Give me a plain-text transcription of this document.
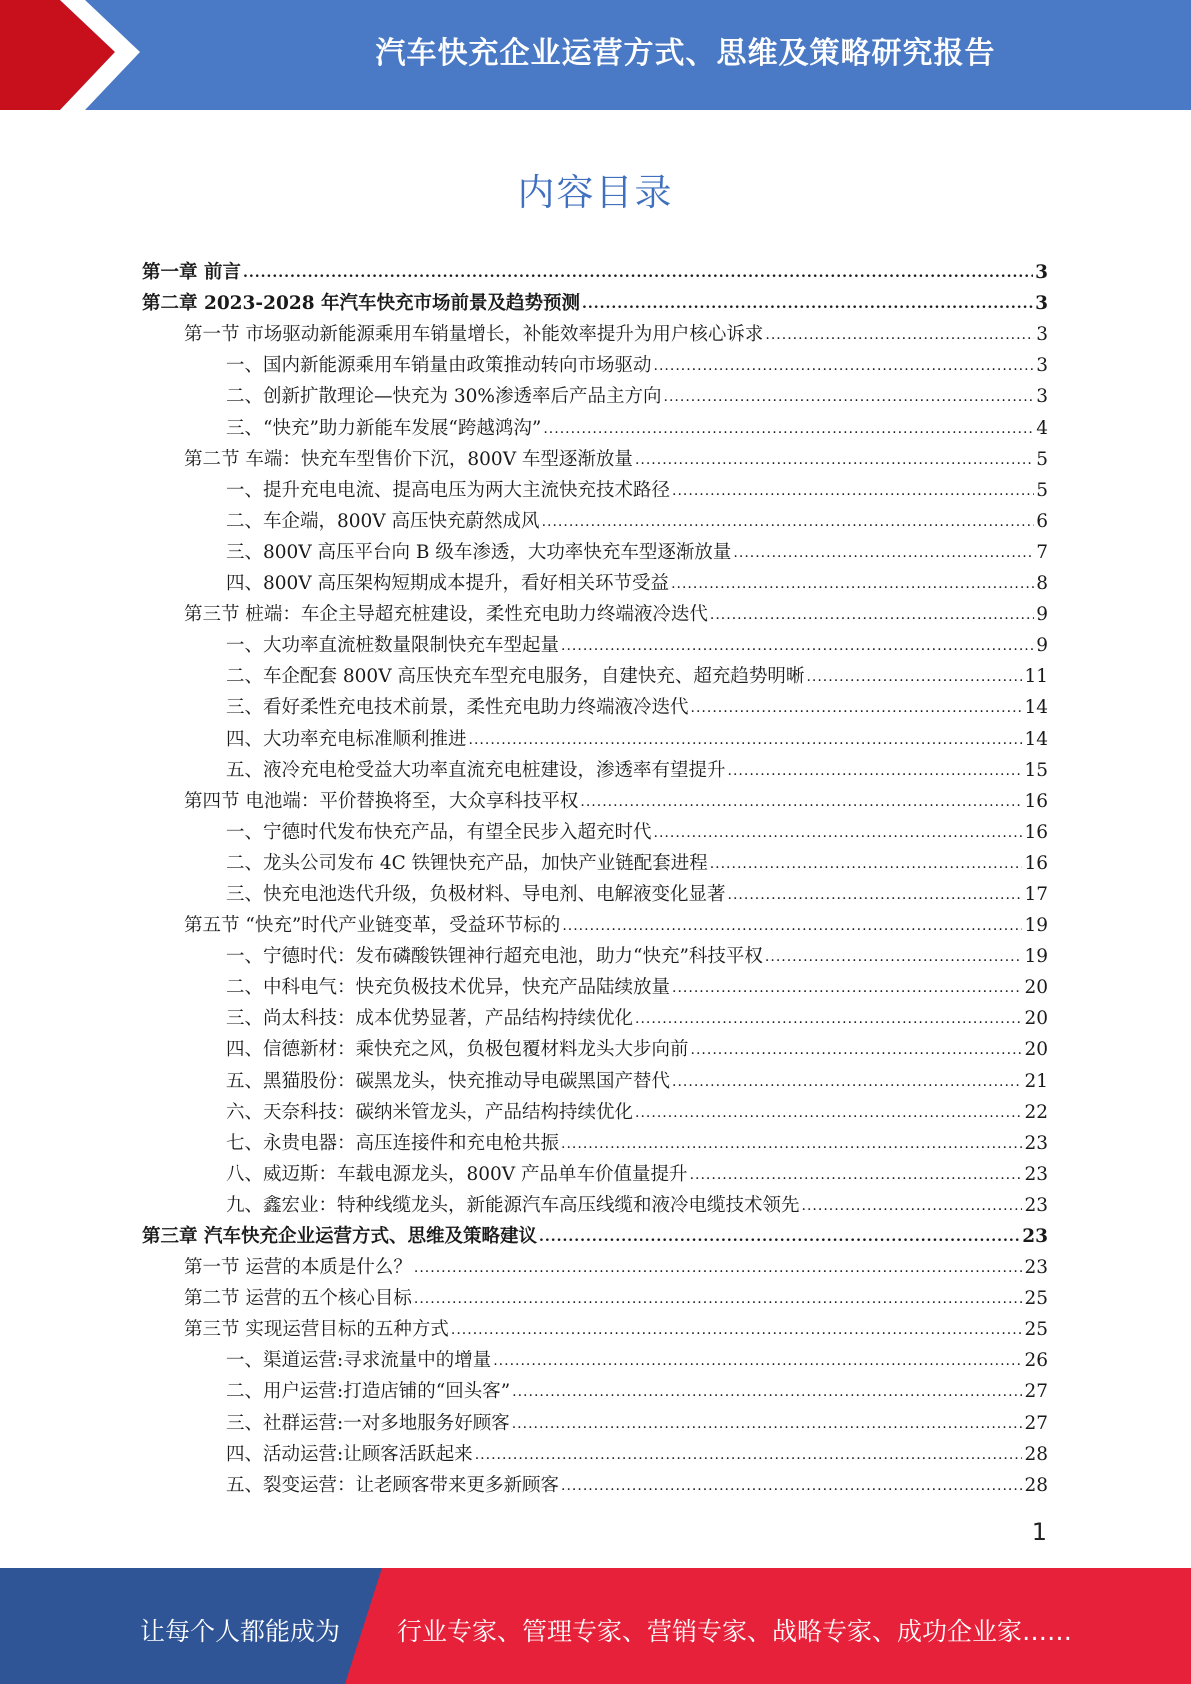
汽车快充企业运营方式、思维及策略研究报告
内容目录
第一章 前言 .....	3
第二章 2023-2028 年汽车快充市场前景及趋势预测 .....	3
第一节 市场驱动新能源乘用车销量增长，补能效率提升为用户核心诉求 .....	3
一、国内新能源乘用车销量由政策推动转向市场驱动 .....	3
二、创新扩散理论—快充为 30%渗透率后产品主方向 .....	3
三、“快充”助力新能车发展“跨越鸿沟” .....	4
第二节 车端：快充车型售价下沉，800V 车型逐渐放量 .....	5
一、提升充电电流、提高电压为两大主流快充技术路径 .....	5
二、车企端，800V 高压快充蔚然成风 .....	6
三、800V 高压平台向 B 级车渗透，大功率快充车型逐渐放量 .....	7
四、800V 高压架构短期成本提升，看好相关环节受益 .....	8
第三节 桩端：车企主导超充桩建设，柔性充电助力终端液冷迭代 .....	9
一、大功率直流桩数量限制快充车型起量 .....	9
二、车企配套 800V 高压快充车型充电服务，自建快充、超充趋势明晰 .....	11
三、看好柔性充电技术前景，柔性充电助力终端液冷迭代 .....	14
四、大功率充电标准顺利推进 .....	14
五、液冷充电枪受益大功率直流充电桩建设，渗透率有望提升 .....	15
第四节 电池端：平价替换将至，大众享科技平权 .....	16
一、宁德时代发布快充产品，有望全民步入超充时代 .....	16
二、龙头公司发布 4C 铁锂快充产品，加快产业链配套进程 .....	16
三、快充电池迭代升级，负极材料、导电剂、电解液变化显著 .....	17
第五节 “快充”时代产业链变革，受益环节标的 .....	19
一、宁德时代：发布磷酸铁锂神行超充电池，助力“快充”科技平权 .....	19
二、中科电气：快充负极技术优异，快充产品陆续放量 .....	20
三、尚太科技：成本优势显著，产品结构持续优化 .....	20
四、信德新材：乘快充之风，负极包覆材料龙头大步向前 .....	20
五、黑猫股份：碳黑龙头，快充推动导电碳黑国产替代 .....	21
六、天奈科技：碳纳米管龙头，产品结构持续优化 .....	22
七、永贵电器：高压连接件和充电枪共振 .....	23
八、威迈斯：车载电源龙头，800V 产品单车价值量提升 .....	23
九、鑫宏业：特种线缆龙头，新能源汽车高压线缆和液冷电缆技术领先 .....	23
第三章 汽车快充企业运营方式、思维及策略建议 .....	23
第一节 运营的本质是什么？ .....	23
第二节 运营的五个核心目标 .....	25
第三节 实现运营目标的五种方式 .....	25
一、渠道运营:寻求流量中的增量 .....	26
二、用户运营:打造店铺的“回头客” .....	27
三、社群运营:一对多地服务好顾客 .....	27
四、活动运营:让顾客活跃起来 .....	28
五、裂变运营：让老顾客带来更多新顾客 .....	28
1
让每个人都能成为 行业专家、管理专家、营销专家、战略专家、成功企业家……
